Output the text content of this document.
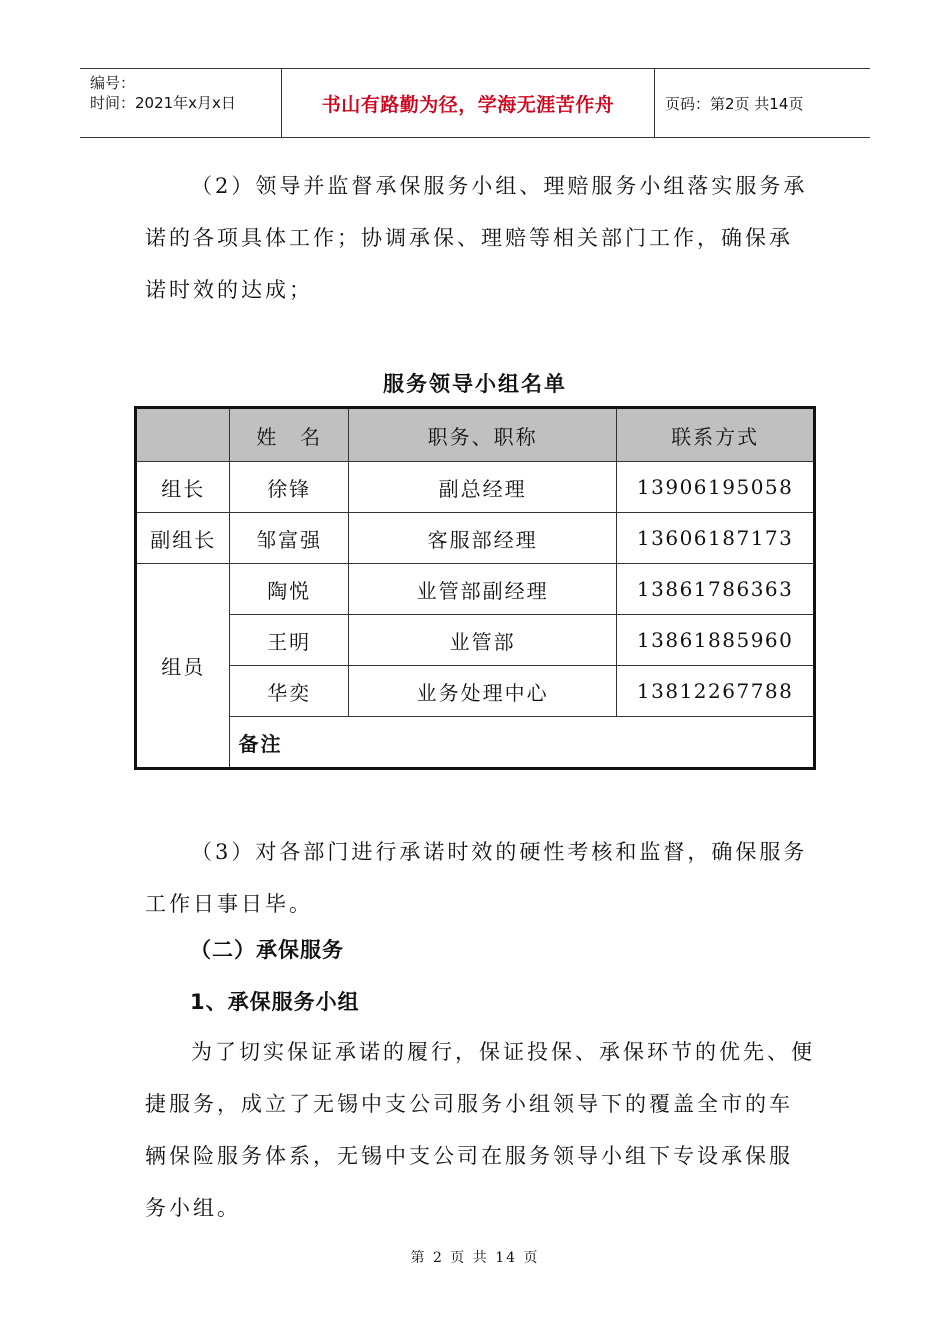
编号：
时间：2021年x月x日	书山有路勤为径，学海无涯苦作舟	页码：第2页 共14页
（2）领导并监督承保服务小组、理赔服务小组落实服务承诺的各项具体工作；协调承保、理赔等相关部门工作，确保承诺时效的达成；
服务领导小组名单
	姓　名	职务、职称	联系方式
组长	徐锋	副总经理	13906195058
副组长	邹富强	客服部经理	13606187173
组员	陶悦	业管部副经理	13861786363
	王明	业管部	13861885960
	华奕	业务处理中心	13812267788
	备注		
（3）对各部门进行承诺时效的硬性考核和监督，确保服务工作日事日毕。
（二）承保服务
1、承保服务小组
为了切实保证承诺的履行，保证投保、承保环节的优先、便捷服务，成立了无锡中支公司服务小组领导下的覆盖全市的车辆保险服务体系，无锡中支公司在服务领导小组下专设承保服务小组。
第 2 页 共 14 页
